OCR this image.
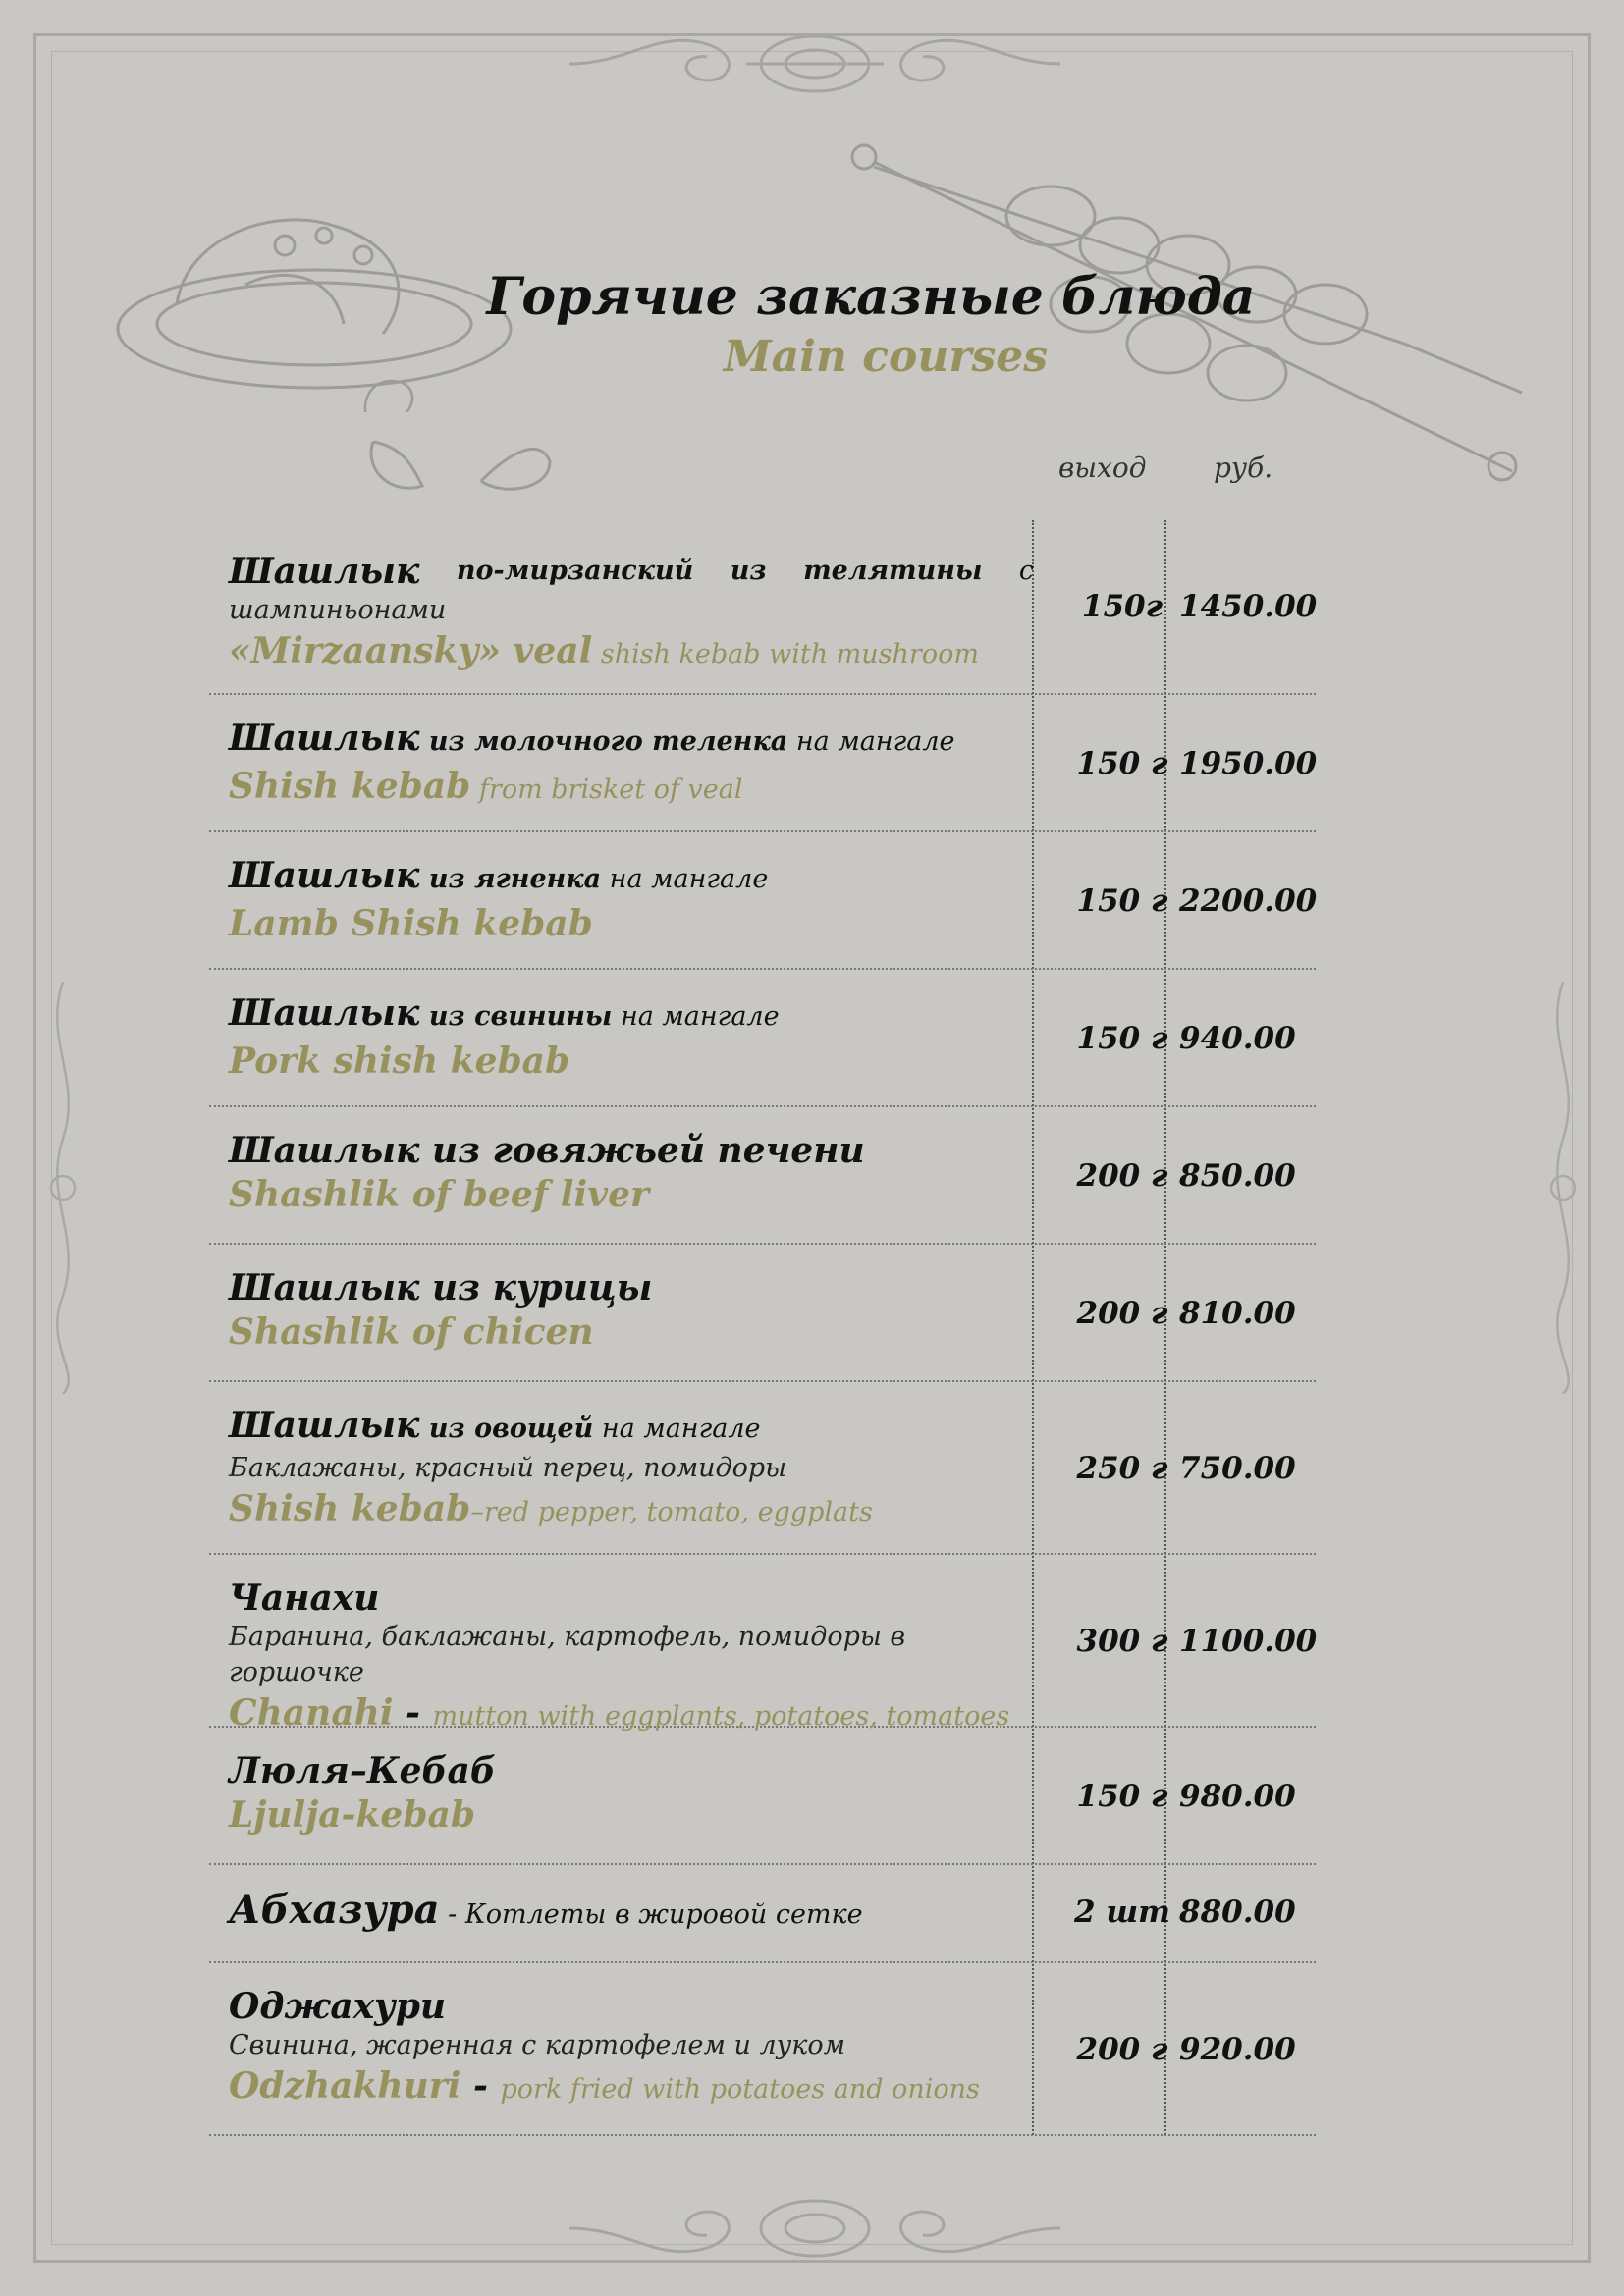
Горячие заказные блюда
Main courses
выход руб.
Шашлык по-мирзанский из телятины с
шампиньонами
«Mirzaansky» veal shish kebab with mushroom
150г 1450.00
Шашлык из молочного теленка на мангале
Shish kebab from brisket of veal
150 г 1950.00
Шашлык из ягненка на мангале
Lamb Shish kebab
150 г 2200.00
Шашлык из свинины на мангале
Pork shish kebab
150 г 940.00
Шашлык из говяжьей печени
Shashlik of beef liver	200 г 850.00
Шашлык из курицы
Shashlik of chicen	200 г 810.00
Шашлык из овощей на мангале
Баклажаны, красный перец, помидоры
Shish kebab–red pepper, tomato, eggplats
250 г 750.00
Чанахи
Баранина, баклажаны, картофель, помидоры в горшочке
Chanahi - mutton with eggplants, potatoes, tomatoes
300 г 1100.00
Люля–Кебаб
Ljulja-kebab	150 г 980.00
Абхазура - Котлеты в жировой сетке	2 шт 880.00
Оджахури
Свинина, жаренная с картофелем и луком
Odzhakhuri - pork fried with potatoes and onions
200 г 920.00
